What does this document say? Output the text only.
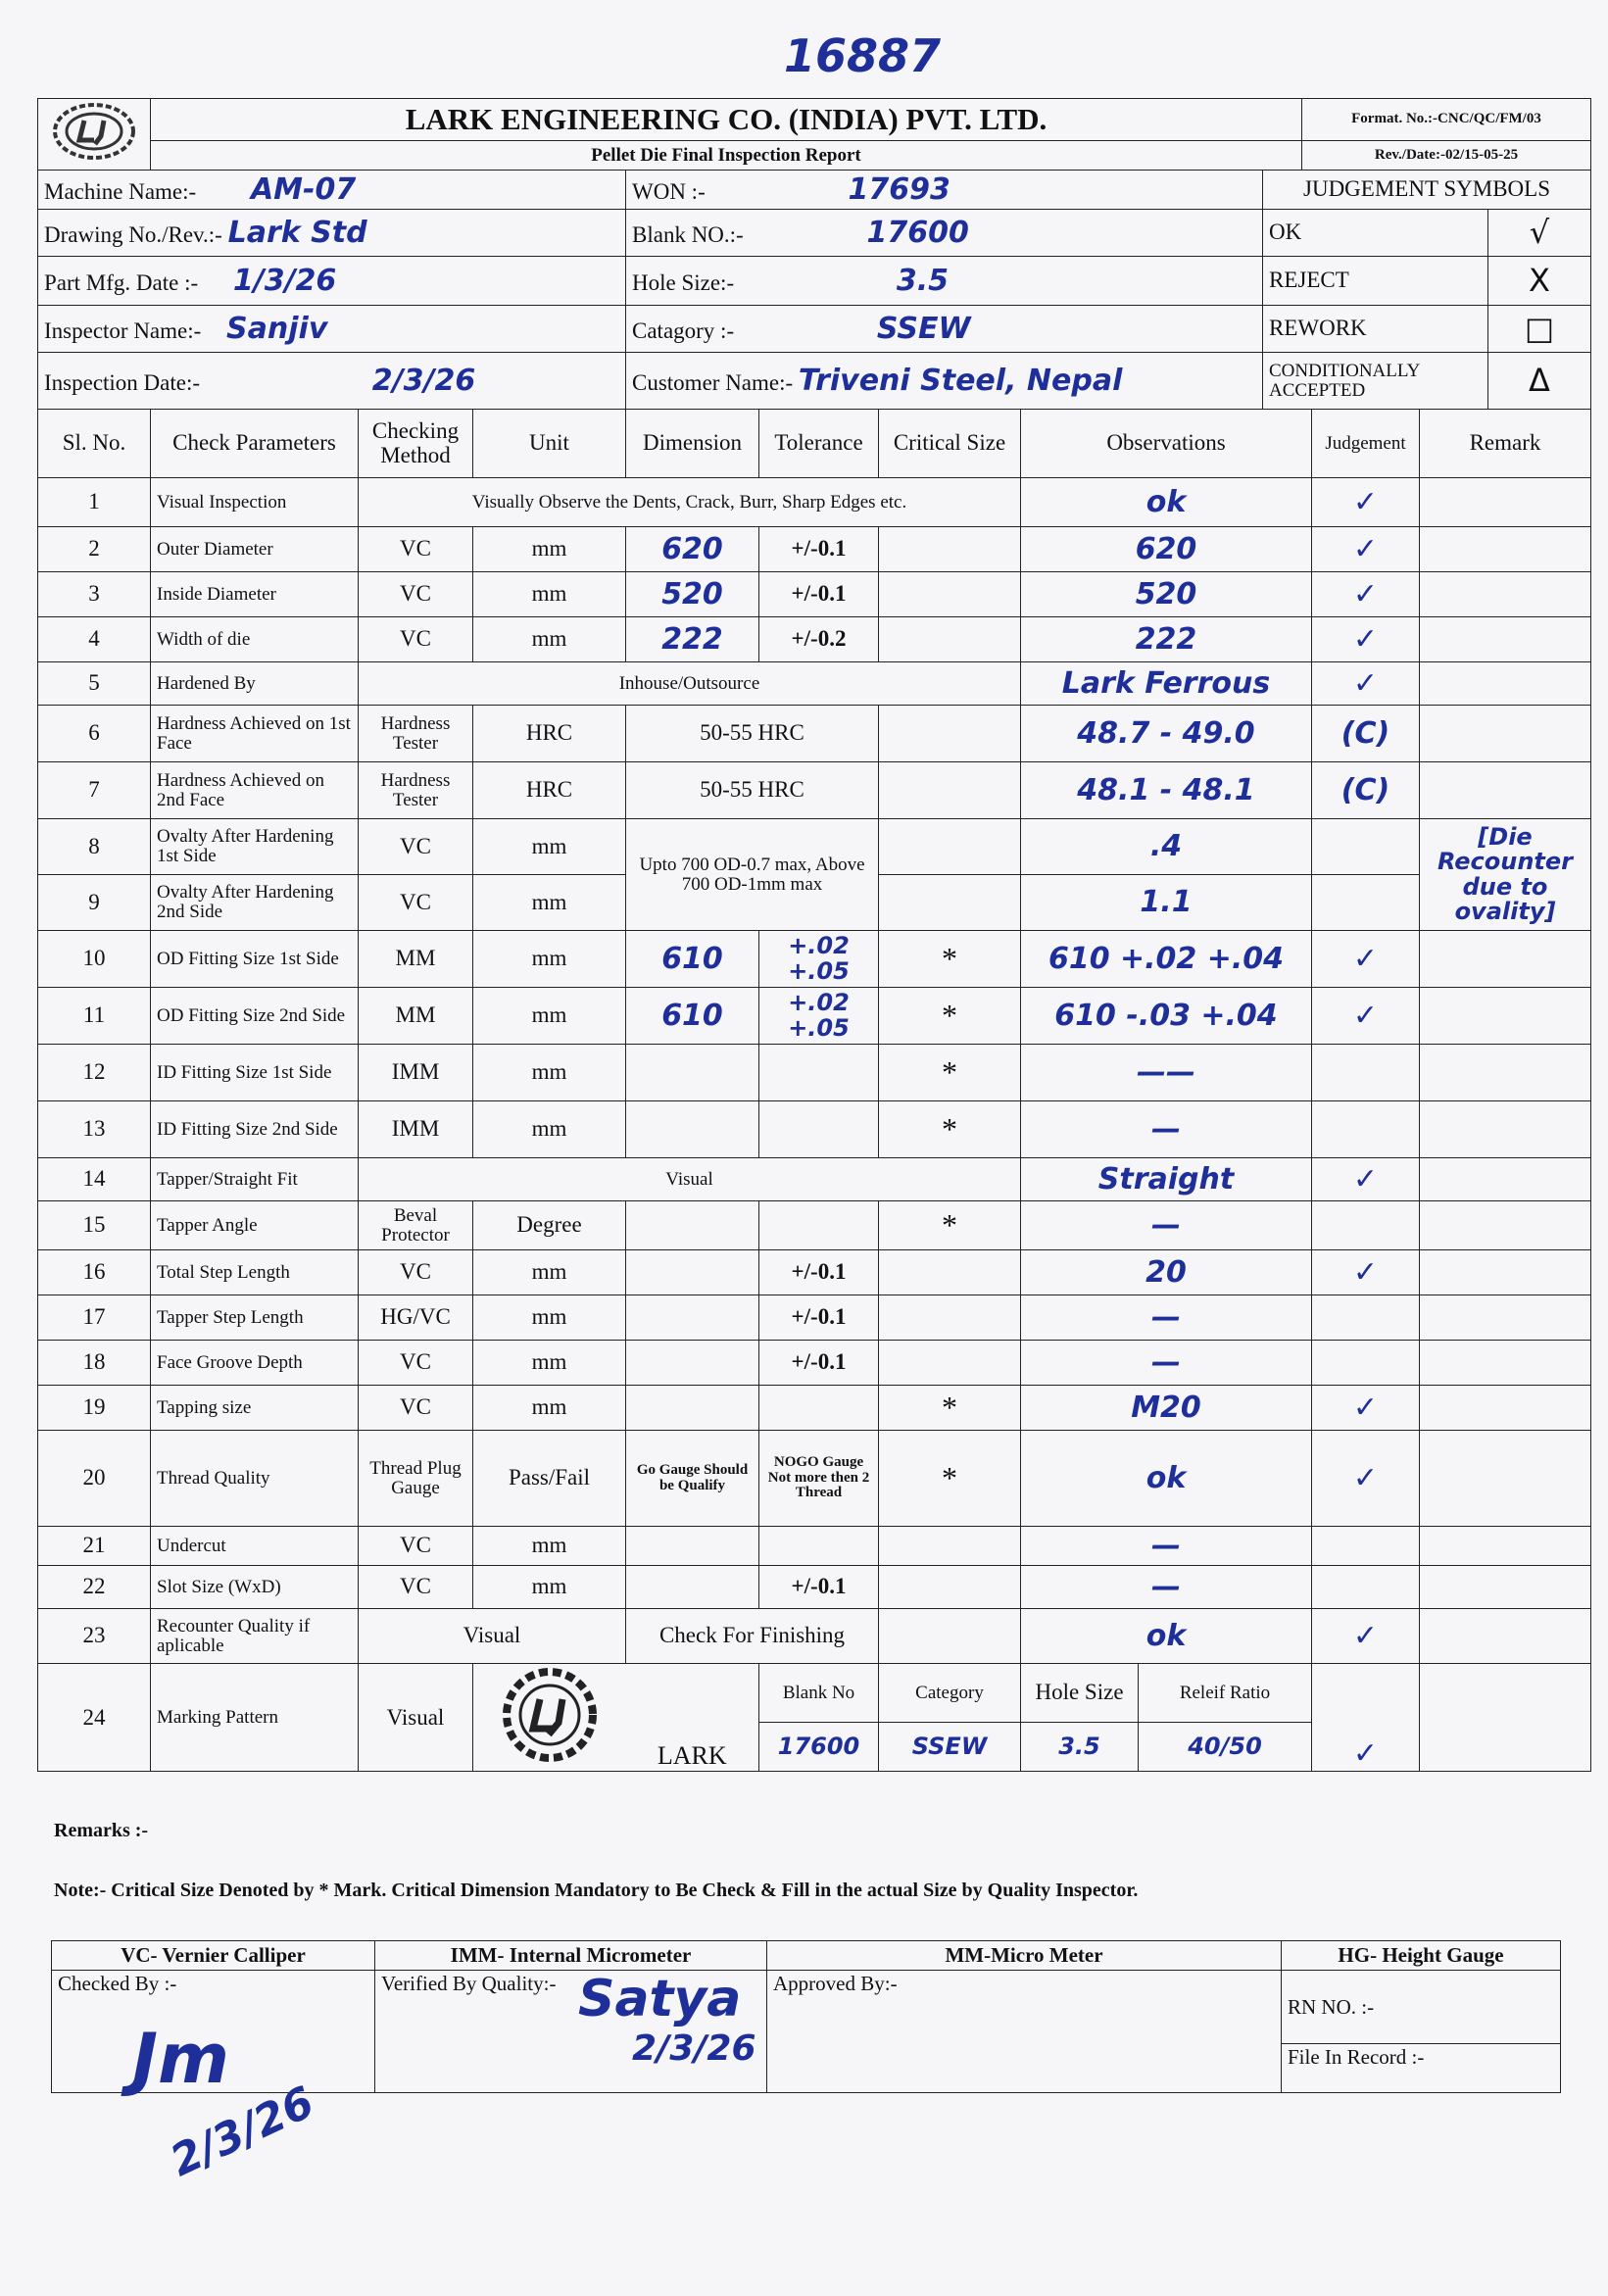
16887
	LARK ENGINEERING CO. (INDIA) PVT. LTD.	Format. No.:-CNC/QC/FM/03
	Pellet Die Final Inspection Report	Rev./Date:-02/15-05-25
Machine Name:- AM-07	WON :- 17693	JUDGEMENT SYMBOLS	
Drawing No./Rev.:- Lark Std	Blank NO.:- 17600	OK	√
Part Mfg. Date :- 1/3/26	Hole Size:- 3.5	REJECT	X
Inspector Name:- Sanjiv	Catagory :- SSEW	REWORK	□
Inspection Date:- 2/3/26	Customer Name:- Triveni Steel, Nepal	CONDITIONALLY ACCEPTED	Δ
Sl. No.	Check Parameters	Checking Method	Unit	Dimension	Tolerance	Critical Size	Observations	Judgement	Remark
1	Visual Inspection	Visually Observe the Dents, Crack, Burr, Sharp Edges etc.					ok	✓	
2	Outer Diameter	VC	mm	620	+/-0.1		620	✓	
3	Inside Diameter	VC	mm	520	+/-0.1		520	✓	
4	Width of die	VC	mm	222	+/-0.2		222	✓	
5	Hardened By	Inhouse/Outsource					Lark Ferrous	✓	
6	Hardness Achieved on 1st Face	Hardness Tester	HRC	50-55 HRC			48.7 - 49.0	(C)	
7	Hardness Achieved on 2nd Face	Hardness Tester	HRC	50-55 HRC			48.1 - 48.1	(C)	
8	Ovalty After Hardening 1st Side	VC	mm	Upto 700 OD-0.7 max, Above 700 OD-1mm max			.4		[Die Recounter due to ovality]
9	Ovalty After Hardening 2nd Side	VC	mm				1.1		
10	OD Fitting Size 1st Side	MM	mm	610	+.02 +.05	*	610 +.02 +.04	✓	
11	OD Fitting Size 2nd Side	MM	mm	610	+.02 +.05	*	610 -.03 +.04	✓	
12	ID Fitting Size 1st Side	IMM	mm			*	——		
13	ID Fitting Size 2nd Side	IMM	mm			*	—		
14	Tapper/Straight Fit	Visual					Straight	✓	
15	Tapper Angle	Beval Protector	Degree			*	—		
16	Total Step Length	VC	mm		+/-0.1		20	✓	
17	Tapper Step Length	HG/VC	mm		+/-0.1		—		
18	Face Groove Depth	VC	mm		+/-0.1		—		
19	Tapping size	VC	mm			*	M20	✓	
20	Thread Quality	Thread Plug Gauge	Pass/Fail	Go Gauge Should be Qualify	NOGO Gauge Not more then 2 Thread	*	ok	✓	
21	Undercut	VC	mm				—		
22	Slot Size (WxD)	VC	mm		+/-0.1		—		
23	Recounter Quality if aplicable	Visual		Check For Finishing			ok	✓	
24	Marking Pattern	Visual		LARK	Blank No	Category	Hole Size	Releif Ratio	✓	
					17600	SSEW	3.5	40/50		
Remarks :-
Note:- Critical Size Denoted by * Mark. Critical Dimension Mandatory to Be Check & Fill in the actual Size by Quality Inspector.
VC- Vernier Calliper	IMM- Internal Micrometer	MM-Micro Meter	HG- Height Gauge
Checked By :-	Verified By Quality:-	Approved By:-	RN NO. :-
			File In Record :-
Jm
2/3/26
Satya
2/3/26
